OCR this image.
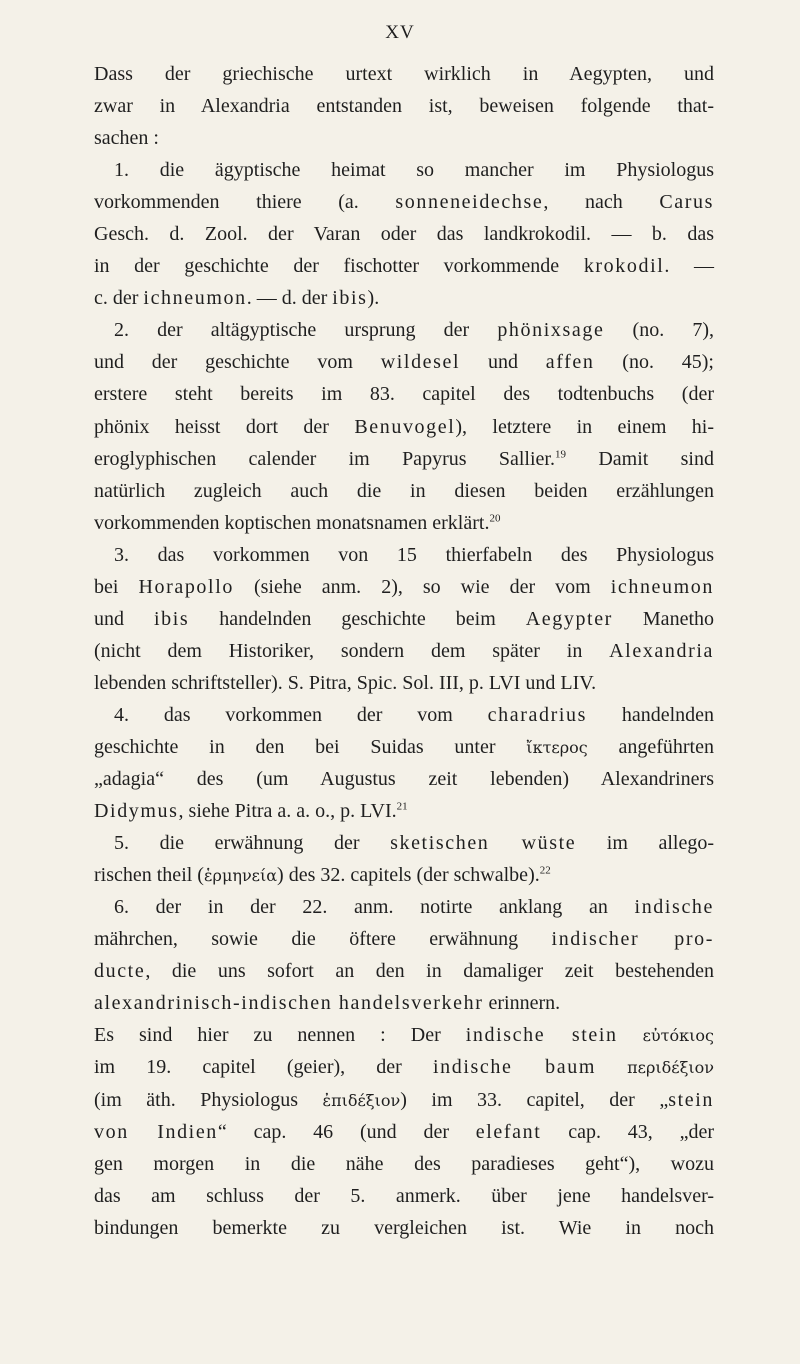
XV
Dass der griechische urtext wirklich in Aegypten, und
zwar in Alexandria entstanden ist, beweisen folgende that-
sachen :
1. die ägyptische heimat so mancher im Physiologus
vorkommenden thiere (a. sonneneidechse, nach Carus
Gesch. d. Zool. der Varan oder das landkrokodil. — b. das
in der geschichte der fischotter vorkommende krokodil. —
c. der ichneumon. — d. der ibis).
2. der altägyptische ursprung der phönixsage (no. 7),
und der geschichte vom wildesel und affen (no. 45);
erstere steht bereits im 83. capitel des todtenbuchs (der
phönix heisst dort der Benuvogel), letztere in einem hi-
eroglyphischen calender im Papyrus Sallier.$^{19}$ Damit sind
natürlich zugleich auch die in diesen beiden erzählungen
vorkommenden koptischen monatsnamen erklärt.$^{20}$
3. das vorkommen von 15 thierfabeln des Physiologus
bei Horapollo (siehe anm. 2), so wie der vom ichneumon
und ibis handelnden geschichte beim Aegypter Manetho
(nicht dem Historiker, sondern dem später in Alexandria
lebenden schriftsteller). S. Pitra, Spic. Sol. III, p. LVI und LIV.
4. das vorkommen der vom charadrius handelnden
geschichte in den bei Suidas unter ἴκτερος angeführten
„adagia“ des (um Augustus zeit lebenden) Alexandriners
Didymus, siehe Pitra a. a. o., p. LVI.$^{21}$
5. die erwähnung der sketischen wüste im allego-
rischen theil (ἑρμηνεία) des 32. capitels (der schwalbe).$^{22}$
6. der in der 22. anm. notirte anklang an indische
mährchen, sowie die öftere erwähnung indischer pro-
ducte, die uns sofort an den in damaliger zeit bestehenden
alexandrinisch-indischen handelsverkehr erinnern.
Es sind hier zu nennen : Der indische stein εὐτόκιος
im 19. capitel (geier), der indische baum περιδέξιον
(im äth. Physiologus ἐπιδέξιον) im 33. capitel, der „stein
von Indien“ cap. 46 (und der elefant cap. 43, „der
gen morgen in die nähe des paradieses geht“), wozu
das am schluss der 5. anmerk. über jene handelsver-
bindungen bemerkte zu vergleichen ist. Wie in noch
